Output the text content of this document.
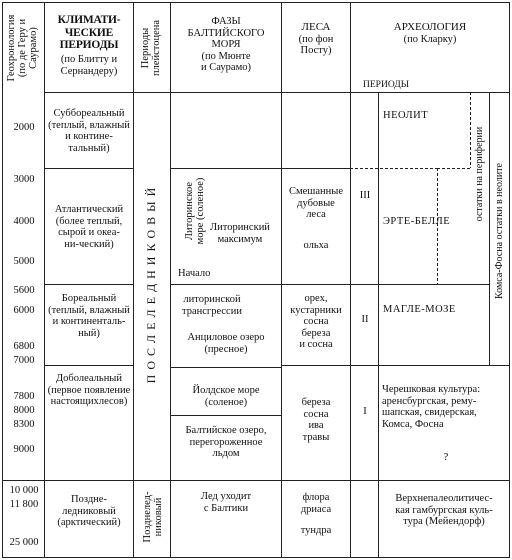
Геохронология (по де Геру и Саурамо)
КЛИМАТИ-
ЧЕСКИЕ
ПЕРИОДЫ
(по Блитту и Сернандеру)
Периоды плейстоцена	ФАЗЫ
БАЛТИЙСКОГО
МОРЯ
(по Мюнте
и Саурамо)
ЛЕСА
(по фон
Посту)
АРХЕОЛОГИЯ
(по Кларку)
ПЕРИОДЫ
2000
3000
4000
5000
5600
6000
6800
7000
7800
8000
8300
9000
10 000
11 800
25 000
Суббореальный
(теплый, влажный
и контине-
тальный)
Атлантический
(более теплый,
сырой и океа-
ни-ческий)
Бореальный
(теплый, влажный
и континенталь-
ный)
Доболеальный
(первое появление
настоящихлесов)
Поздне-
ледниковый
(арктический)
П О С Л Е Л Е Д Н И К О В Ы Й
Позднелед- никовый
Литоринское море (соленое) Литоринский
максимум
Начало
литоринской
трансгрессии
Анциловое озеро
(пресное)
Йолдское море
(соленое)
Балтийское озеро,
перегороженное
льдом
Лед уходит
с Балтики
Смешанные
дубовые
леса
ольха
орех,
кустарники
сосна
береза
и сосна
береза
сосна
ива
травы
флора
дриаса
тундра
III
II
I
НЕОЛИТ
ЭРТЕ-БЕЛЛЕ
МАГЛЕ-МОЗЕ
Черешковая культура:
аренсбургская, рему-
шапская, свидерская,
Комса, Фосна
?
Верхнепалеолитичес-
кая гамбургская куль-
тура (Мейендорф)
остатки на периферии Комса-Фосна остатки в неолите
